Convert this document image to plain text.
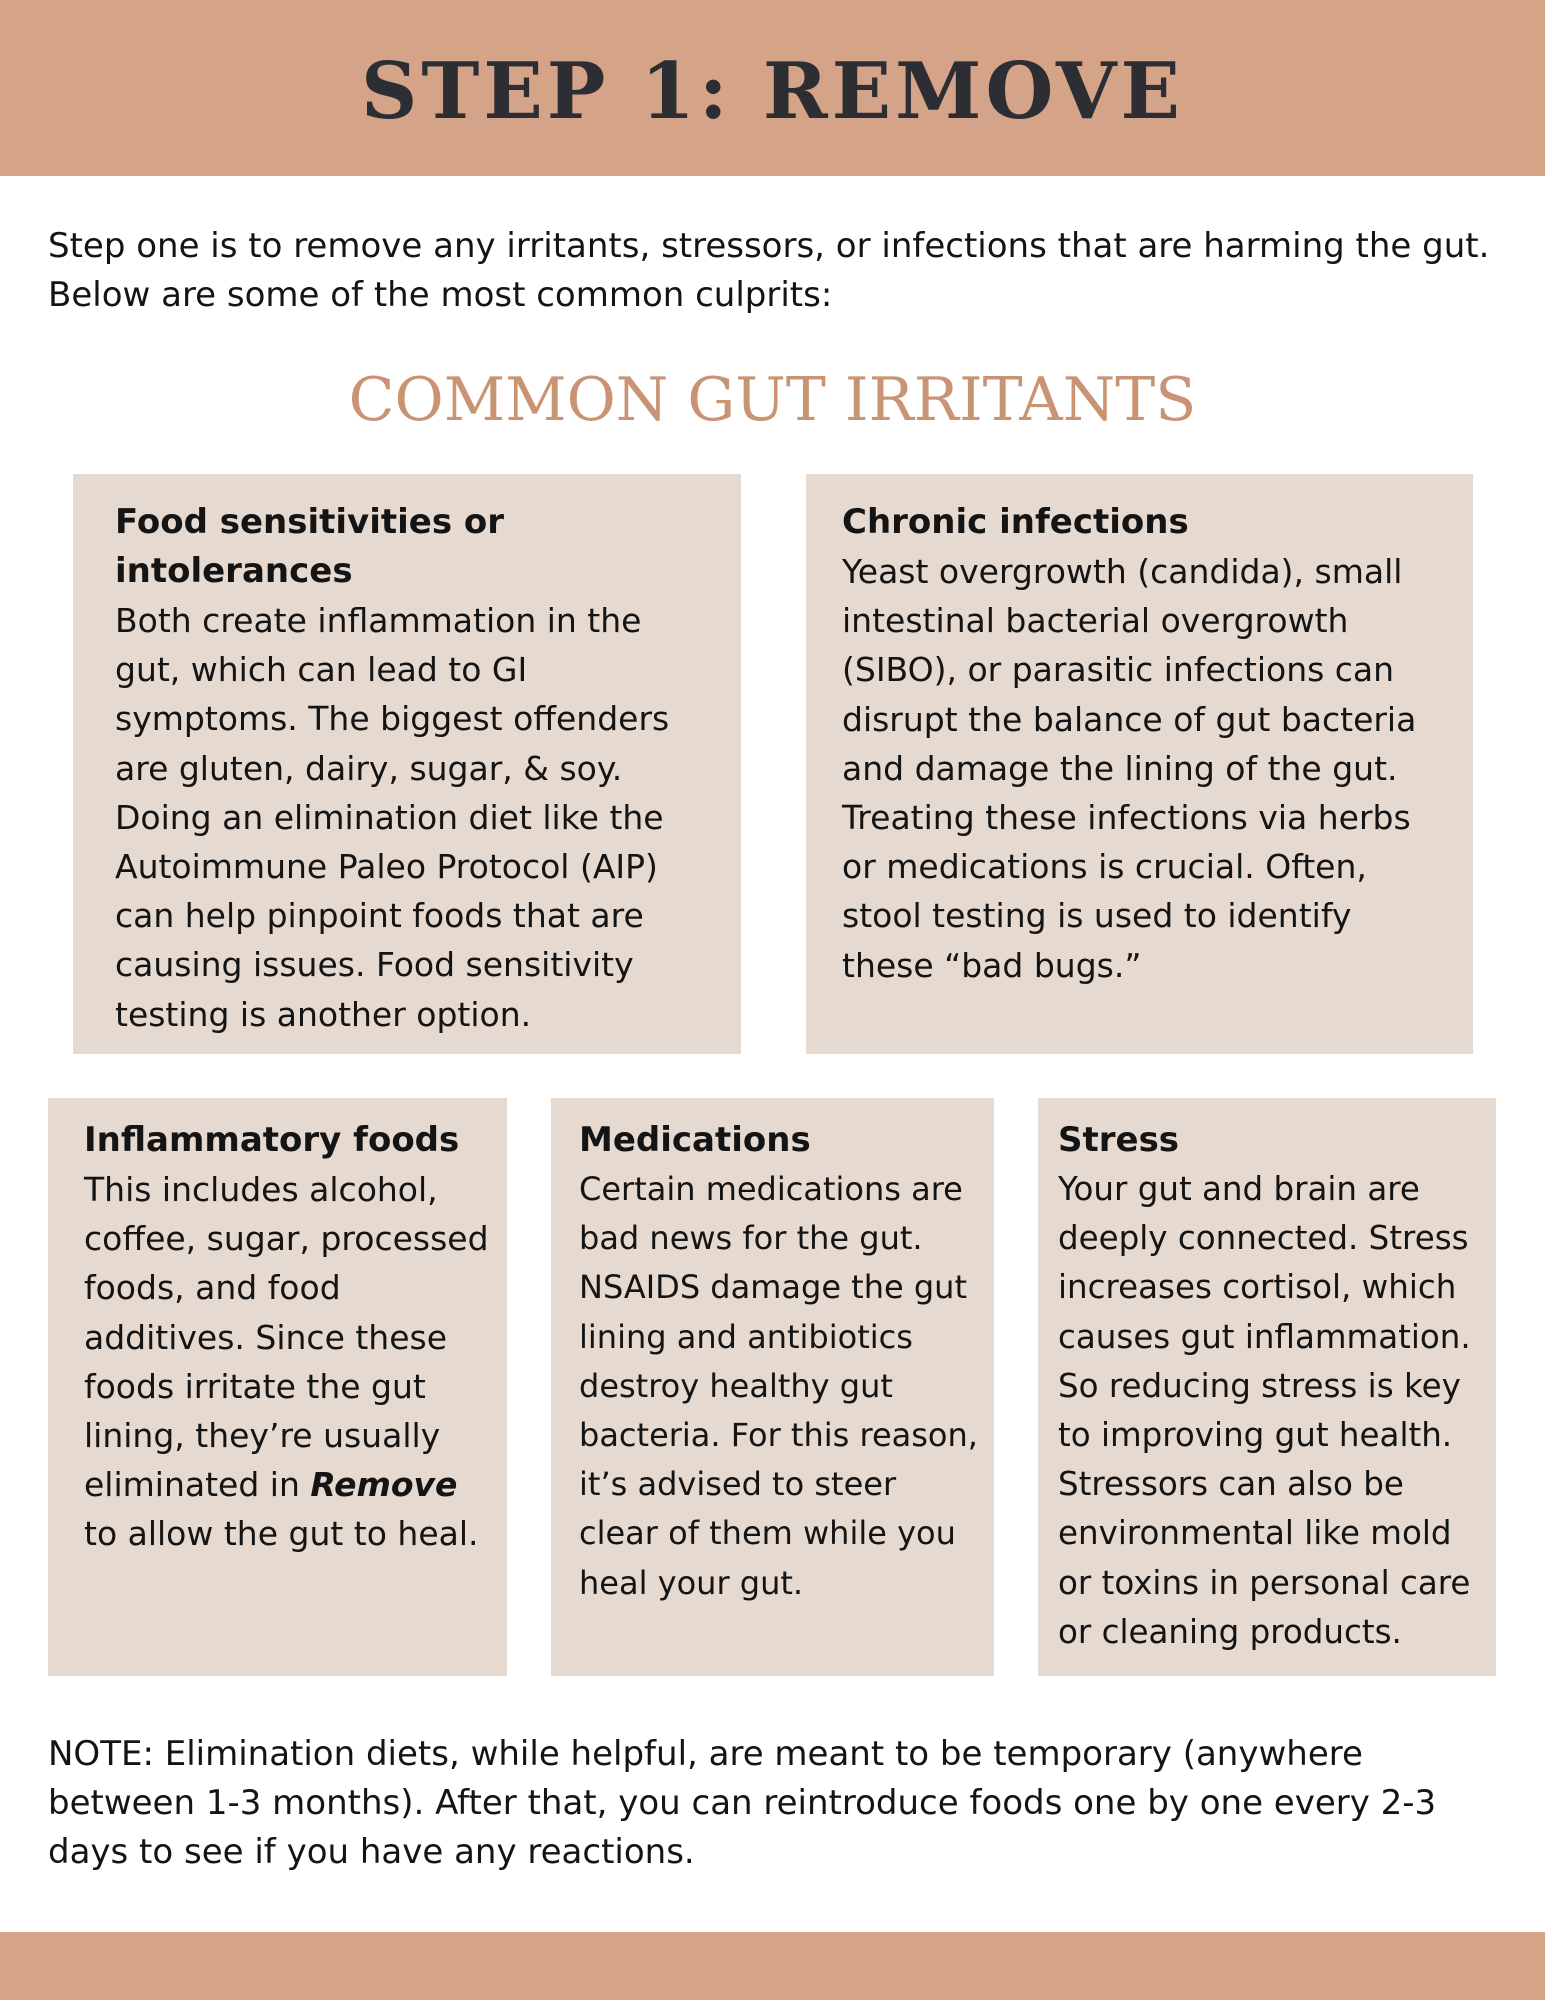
STEP 1: REMOVE

Step one is to remove any irritants, stressors, or infections that are harming the gut. Below are some of the most common culprits:

COMMON GUT IRRITANTS
Food sensitivities or intolerances

Both create inflammation in the gut, which can lead to GI symptoms. The biggest offenders are gluten, dairy, sugar, & soy. Doing an elimination diet like the Autoimmune Paleo Protocol (AIP) can help pinpoint foods that are causing issues. Food sensitivity testing is another option.

Chronic infections

Yeast overgrowth (candida), small intestinal bacterial overgrowth (SIBO), or parasitic infections can disrupt the balance of gut bacteria and damage the lining of the gut. Treating these infections via herbs or medications is crucial. Often, stool testing is used to identify these “bad bugs.”

Inflammatory foods

This includes alcohol, coffee, sugar, processed foods, and food additives. Since these foods irritate the gut lining, they’re usually eliminated in Remove to allow the gut to heal.

Medications

Certain medications are bad news for the gut. NSAIDS damage the gut lining and antibiotics destroy healthy gut bacteria. For this reason, it’s advised to steer clear of them while you heal your gut.

Stress

Your gut and brain are deeply connected. Stress increases cortisol, which causes gut inflammation. So reducing stress is key to improving gut health. Stressors can also be environmental like mold or toxins in personal care or cleaning products.

NOTE: Elimination diets, while helpful, are meant to be temporary (anywhere between 1-3 months). After that, you can reintroduce foods one by one every 2-3 days to see if you have any reactions.
